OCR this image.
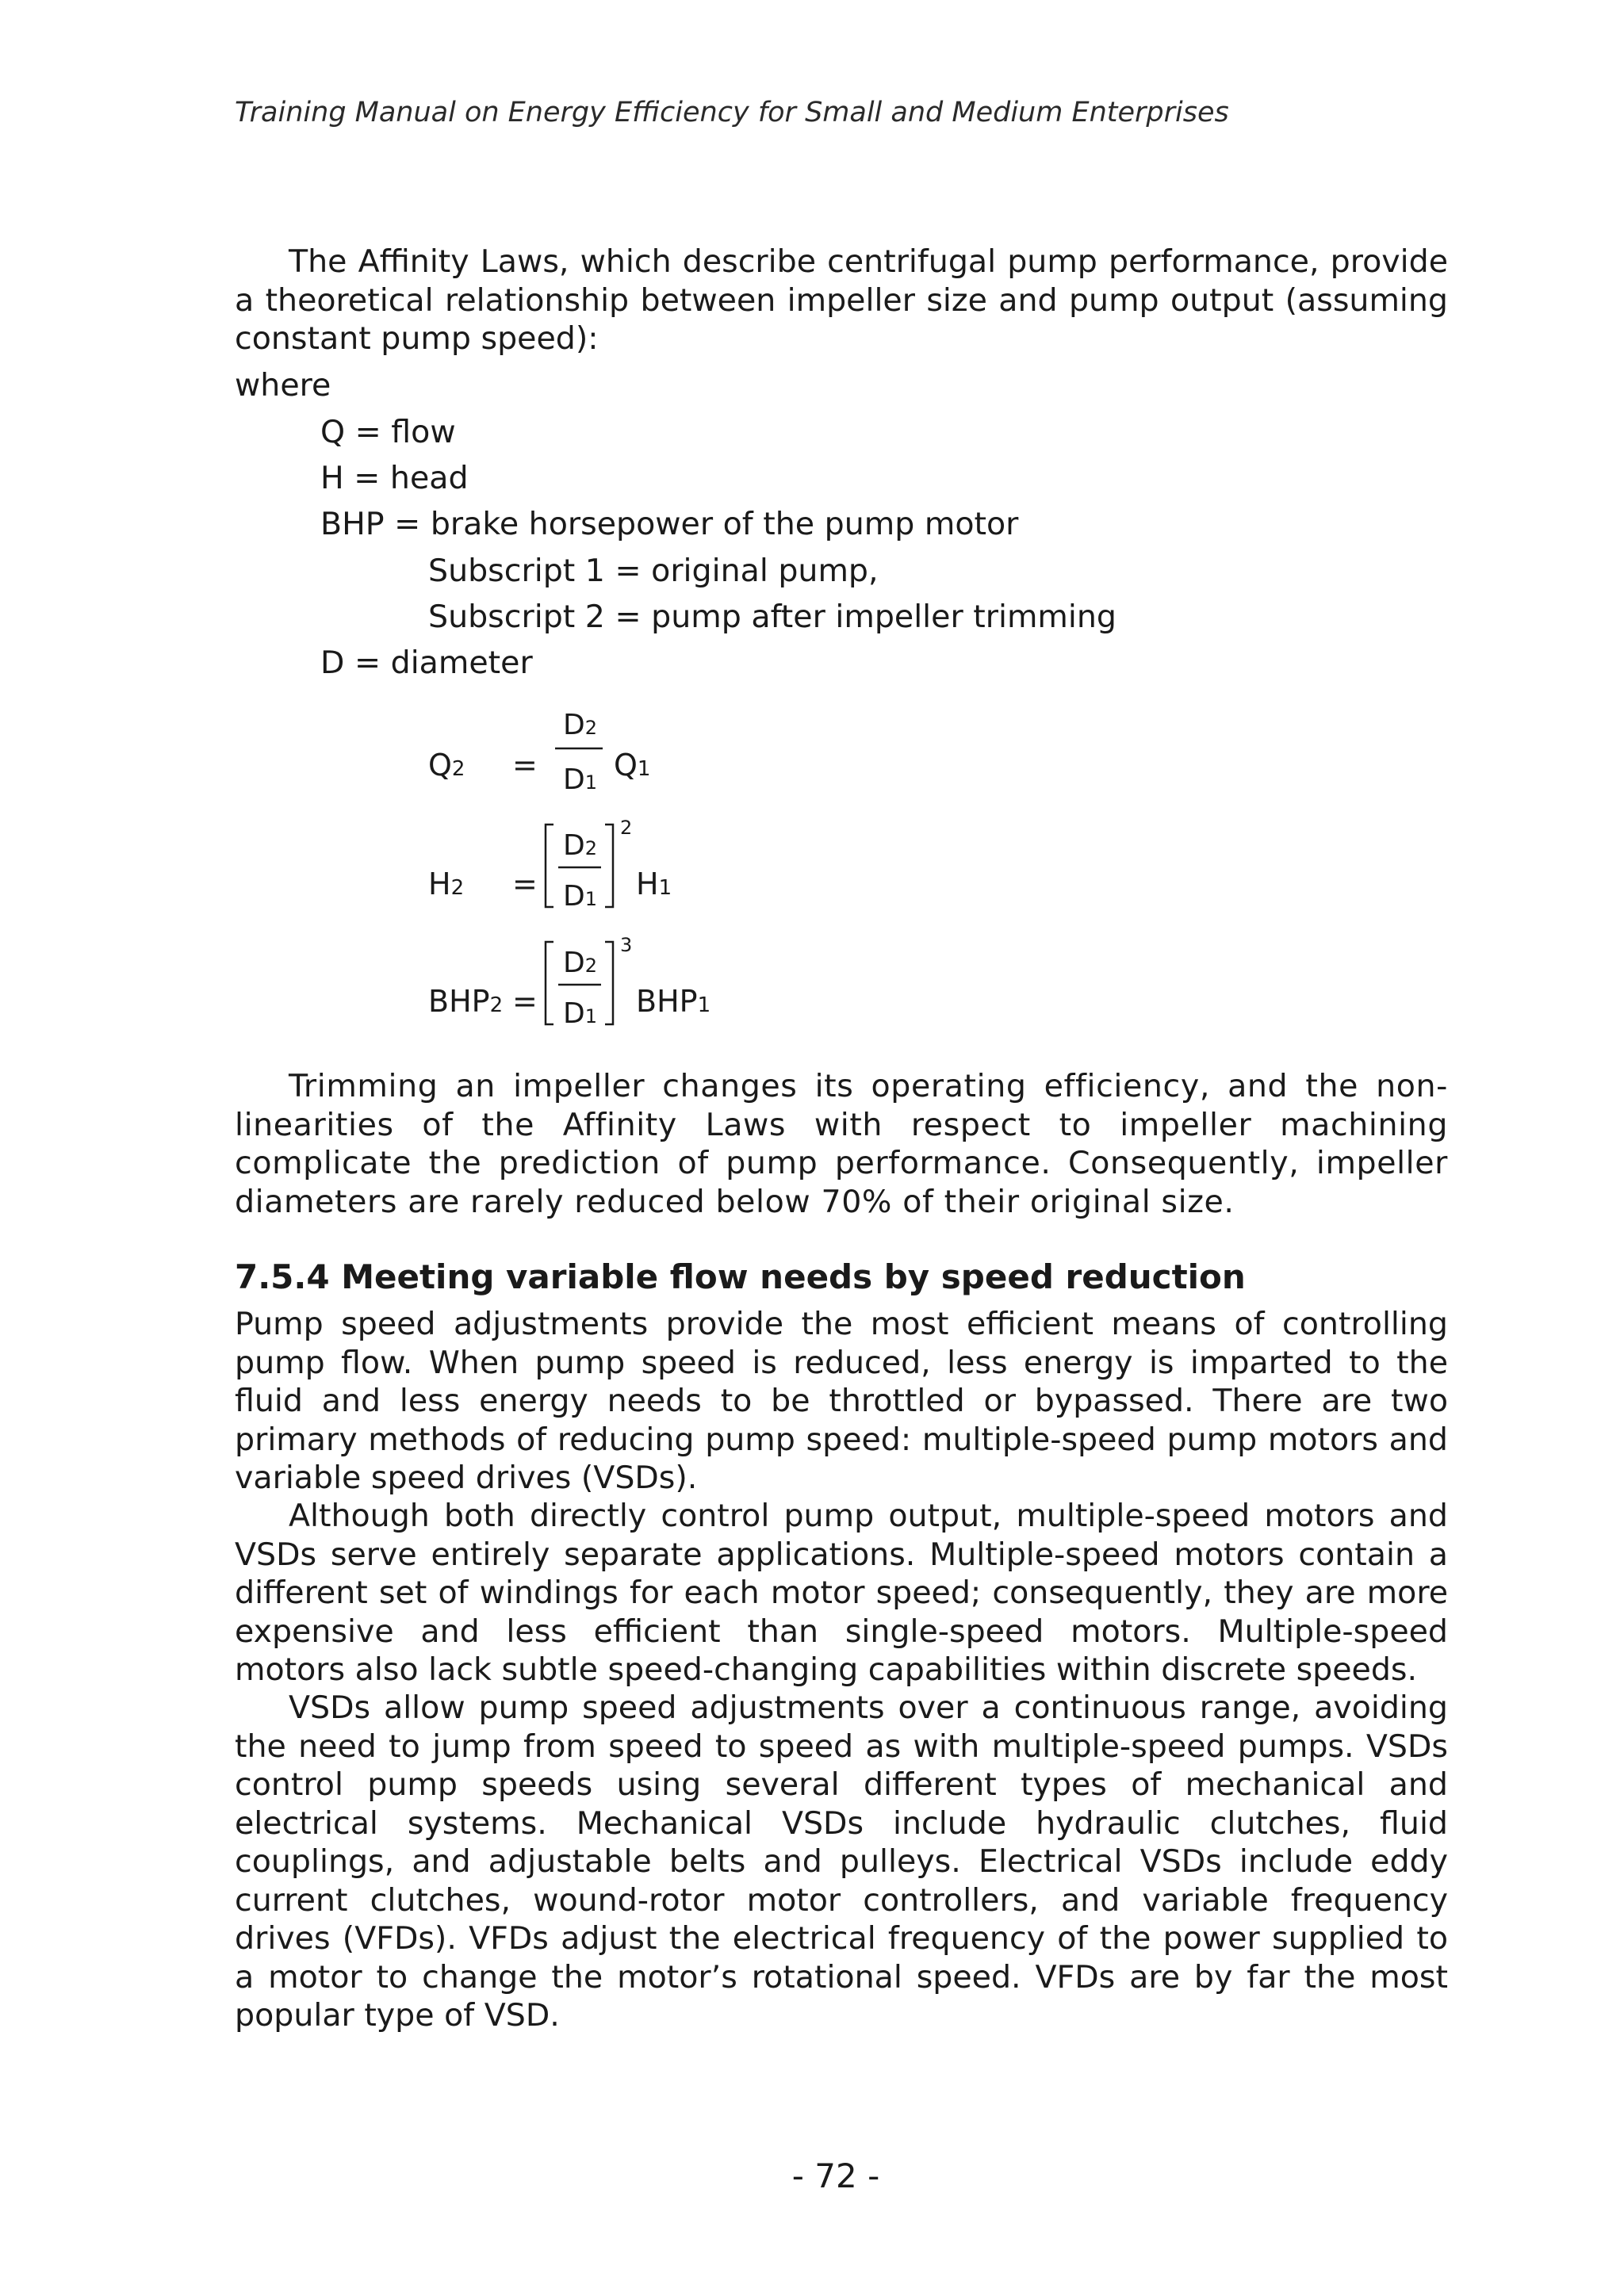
Training Manual on Energy Efficiency for Small and Medium Enterprises

The Affinity Laws, which describe centrifugal pump performance, provide a theoretical relationship between impeller size and pump output (assuming constant pump speed):

where

Q = flow

H = head

BHP = brake horsepower of the pump motor

Subscript 1 = original pump,

Subscript 2 = pump after impeller trimming

D = diameter

Q2 =
D2
D1 Q1
H2 =
D2
D1
2
H1
BHP2 =
D2
D1
3
BHP1

Trimming an impeller changes its operating efficiency, and the non-linearities of the Affinity Laws with respect to impeller machining complicate the prediction of pump performance. Consequently, impeller diameters are rarely reduced below 70% of their original size.

7.5.4 Meeting variable flow needs by speed reduction

Pump speed adjustments provide the most efficient means of controlling pump flow. When pump speed is reduced, less energy is imparted to the fluid and less energy needs to be throttled or bypassed. There are two primary methods of reducing pump speed: multiple-speed pump motors and variable speed drives (VSDs).

Although both directly control pump output, multiple-speed motors and VSDs serve entirely separate applications. Multiple-speed motors contain a different set of windings for each motor speed; consequently, they are more expensive and less efficient than single-speed motors. Multiple-speed motors also lack subtle speed-changing capabilities within discrete speeds.

VSDs allow pump speed adjustments over a continuous range, avoiding the need to jump from speed to speed as with multiple-speed pumps. VSDs control pump speeds using several different types of mechanical and electrical systems. Mechanical VSDs include hydraulic clutches, fluid couplings, and adjustable belts and pulleys. Electrical VSDs include eddy current clutches, wound-rotor motor controllers, and variable frequency drives (VFDs). VFDs adjust the electrical frequency of the power supplied to a motor to change the motor’s rotational speed. VFDs are by far the most popular type of VSD.

- 72 -
